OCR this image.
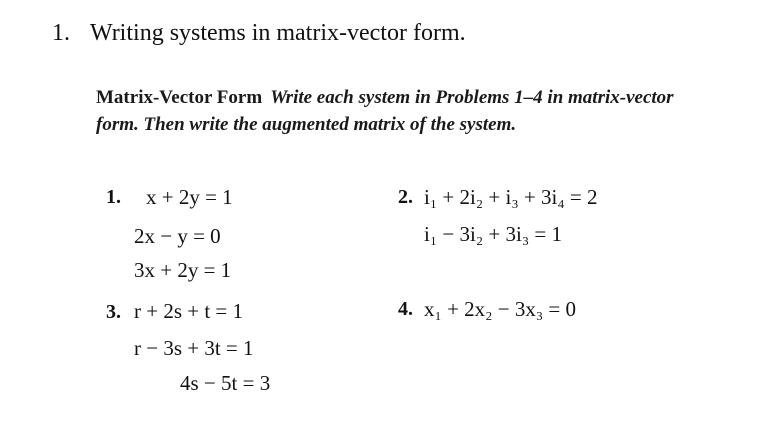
1. Writing systems in matrix-vector form.
Matrix-Vector Form Write each system in Problems 1–4 in matrix-vector form. Then write the augmented matrix of the system.
1. x + 2y = 1
2x − y = 0
3x + 2y = 1
2. i₁ + 2i₂ + i₃ + 3i₄ = 2
i₁ − 3i₂ + 3i₃ = 1
3. r + 2s + t = 1
r − 3s + 3t = 1
4s − 5t = 3
4. x₁ + 2x₂ − 3x₃ = 0
